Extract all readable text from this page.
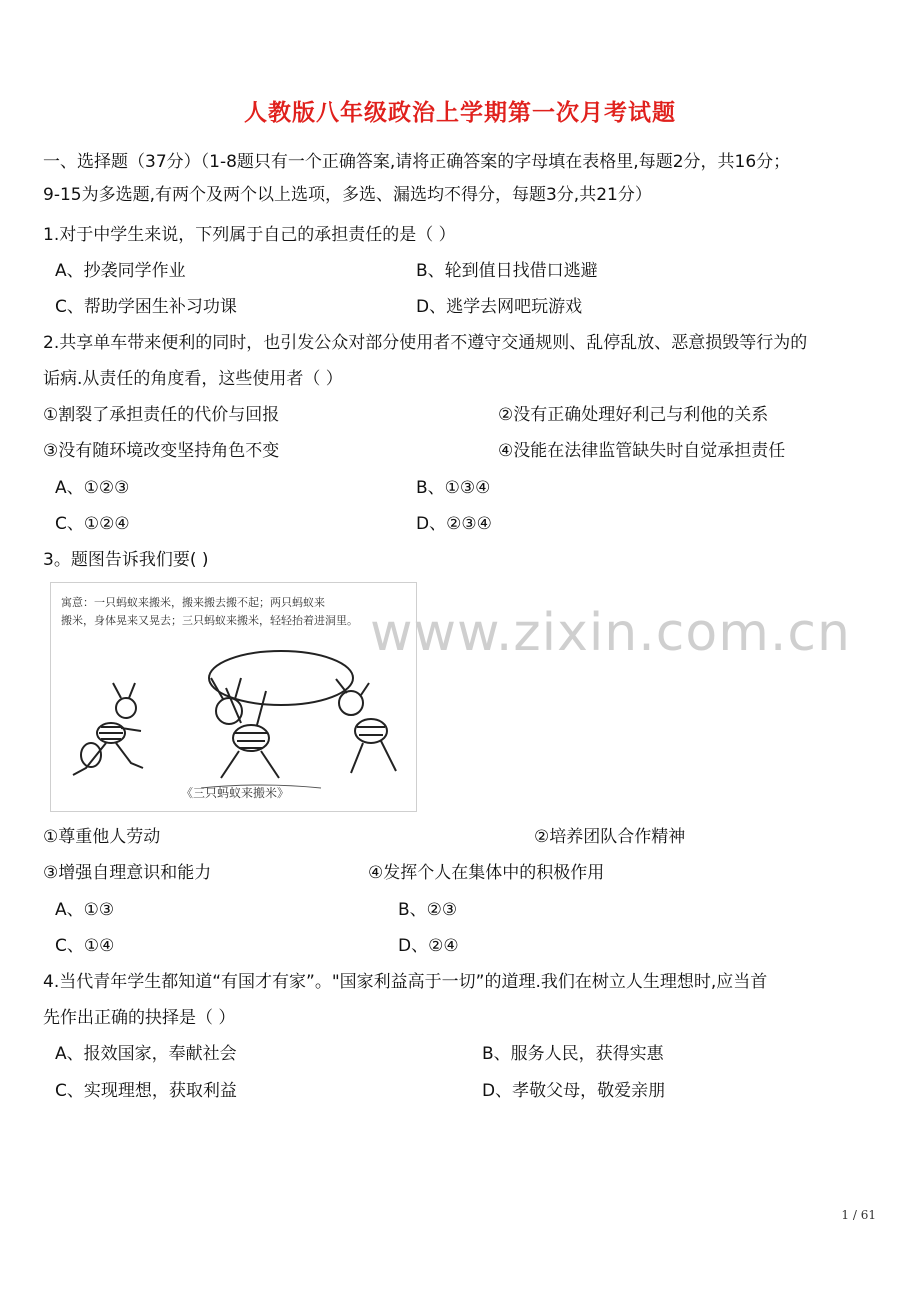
人教版八年级政治上学期第一次月考试题
一、选择题（37分）（1-8题只有一个正确答案,请将正确答案的字母填在表格里,每题2分，共16分；
9-15为多选题,有两个及两个以上选项，多选、漏选均不得分，每题3分,共21分）
1.对于中学生来说，下列属于自己的承担责任的是（ ）
A、抄袭同学作业	B、轮到值日找借口逃避
C、帮助学困生补习功课	D、逃学去网吧玩游戏
2.共享单车带来便利的同时，也引发公众对部分使用者不遵守交通规则、乱停乱放、恶意损毁等行为的
诟病.从责任的角度看，这些使用者（ ）
①割裂了承担责任的代价与回报	②没有正确处理好利己与利他的关系
③没有随环境改变坚持角色不变	④没能在法律监管缺失时自觉承担责任
A、①②③	B、①③④
C、①②④	D、②③④
3。题图告诉我们要( )
寓意：一只蚂蚁来搬米，搬来搬去搬不起；两只蚂蚁来
搬米，身体晃来又晃去；三只蚂蚁来搬米，轻轻抬着进洞里。
《三只蚂蚁来搬米》
www.zixin.com.cn
①尊重他人劳动	②培养团队合作精神
③增强自理意识和能力	④发挥个人在集体中的积极作用
A、①③	B、②③
C、①④	D、②④
4.当代青年学生都知道“有国才有家”。"国家利益高于一切”的道理.我们在树立人生理想时,应当首
先作出正确的抉择是（ ）
A、报效国家，奉献社会	B、服务人民，获得实惠
C、实现理想，获取利益	D、孝敬父母，敬爱亲朋
1 / 61
